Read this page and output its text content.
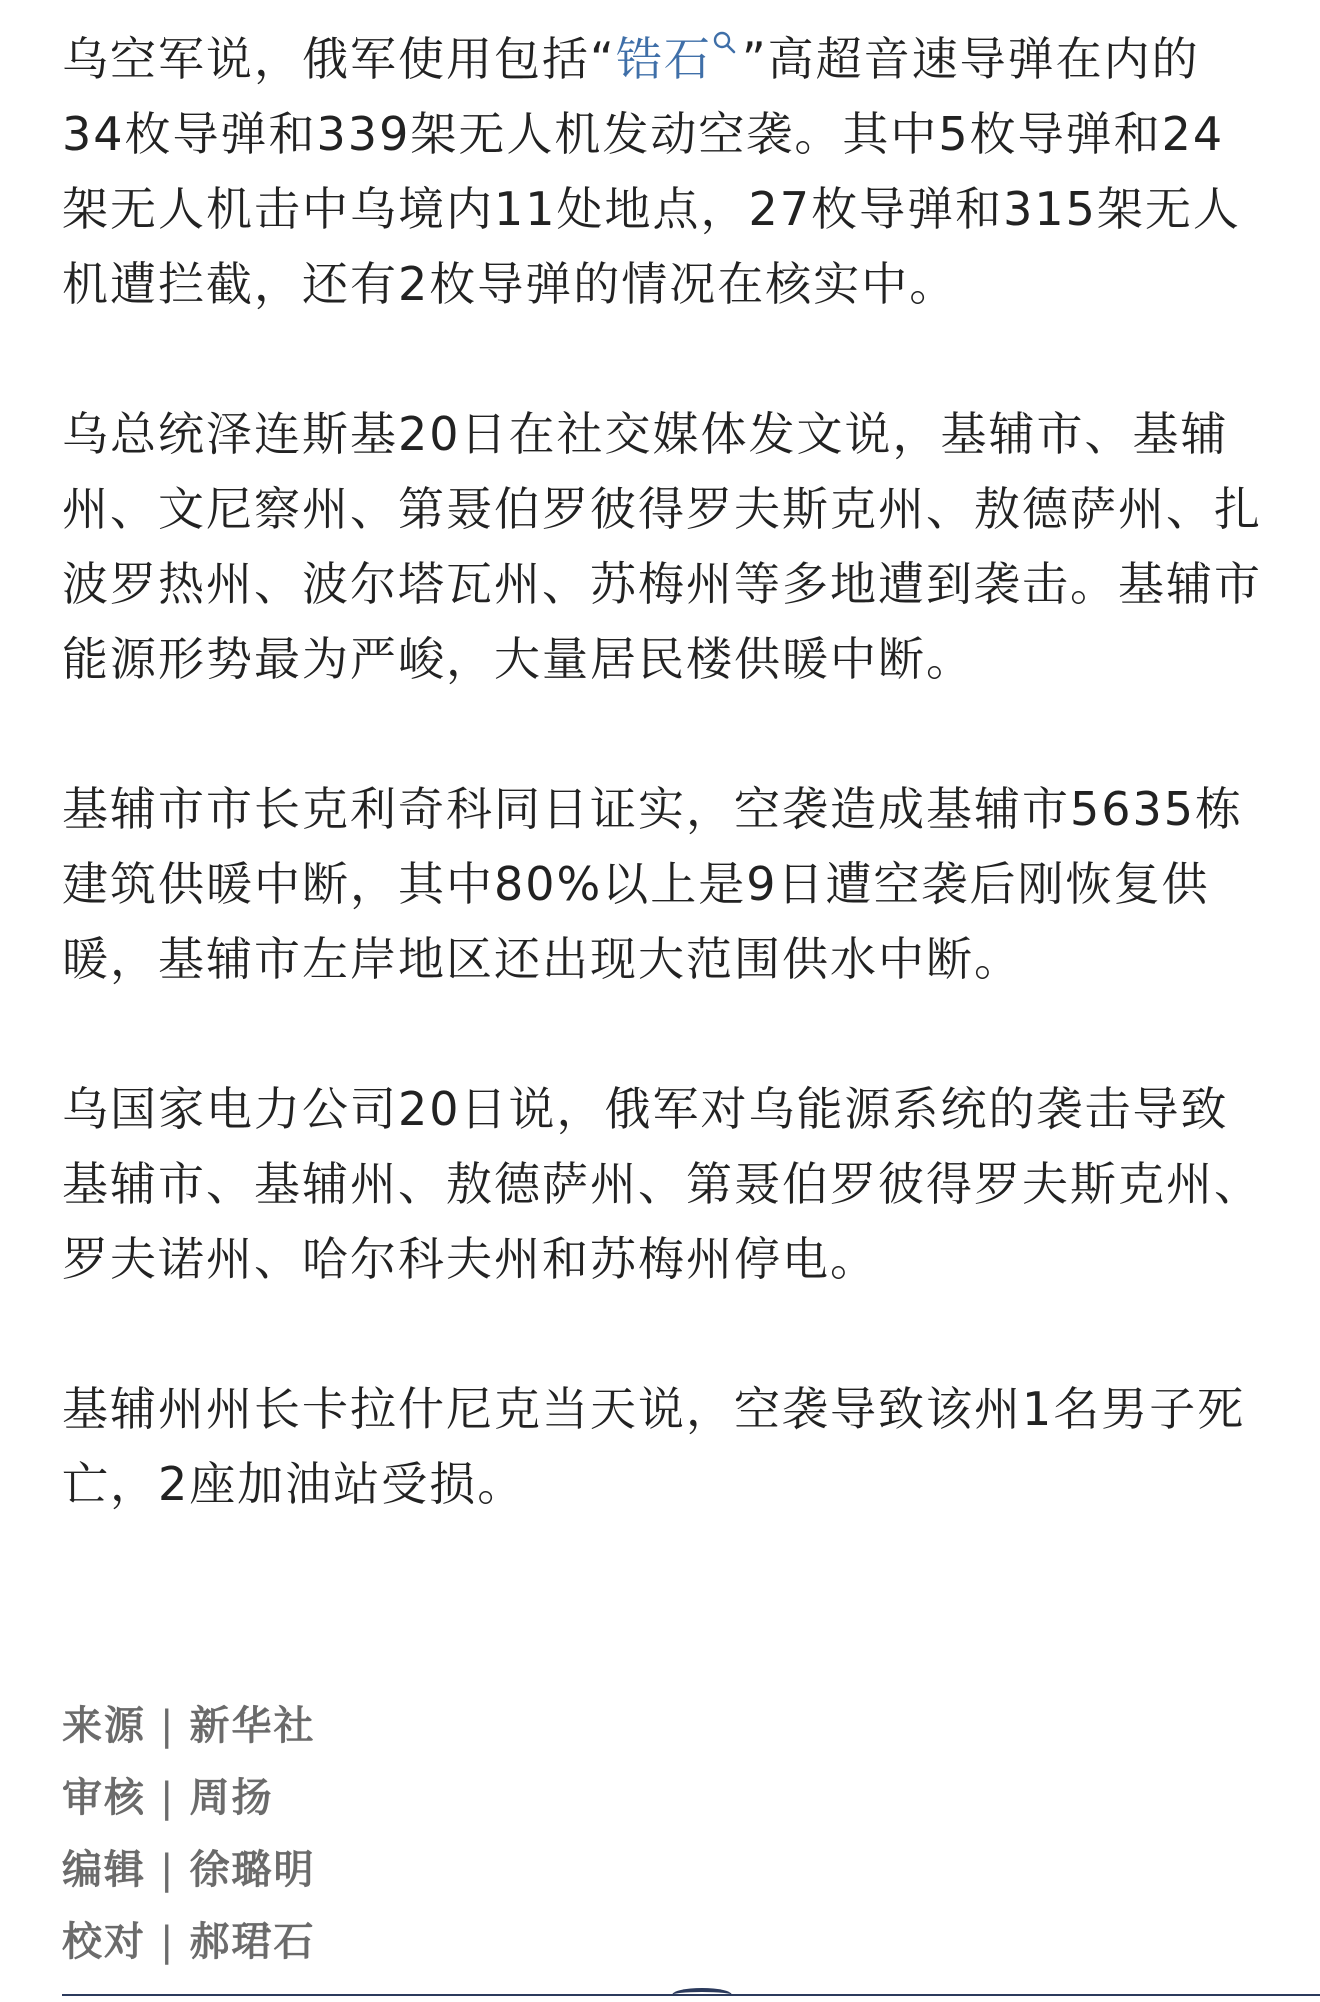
乌空军说，俄军使用包括“锆石 ”高超音速导弹在内的34枚导弹和339架无人机发动空袭。其中5枚导弹和24架无人机击中乌境内11处地点，27枚导弹和315架无人机遭拦截，还有2枚导弹的情况在核实中。

乌总统泽连斯基20日在社交媒体发文说，基辅市、基辅州、文尼察州、第聂伯罗彼得罗夫斯克州、敖德萨州、扎波罗热州、波尔塔瓦州、苏梅州等多地遭到袭击。基辅市能源形势最为严峻，大量居民楼供暖中断。

基辅市市长克利奇科同日证实，空袭造成基辅市5635栋建筑供暖中断，其中80%以上是9日遭空袭后刚恢复供暖，基辅市左岸地区还出现大范围供水中断。

乌国家电力公司20日说，俄军对乌能源系统的袭击导致基辅市、基辅州、敖德萨州、第聂伯罗彼得罗夫斯克州、罗夫诺州、哈尔科夫州和苏梅州停电。

基辅州州长卡拉什尼克当天说，空袭导致该州1名男子死亡，2座加油站受损。

来源 | 新华社
审核 | 周扬
编辑 | 徐璐明
校对 | 郝珺石
